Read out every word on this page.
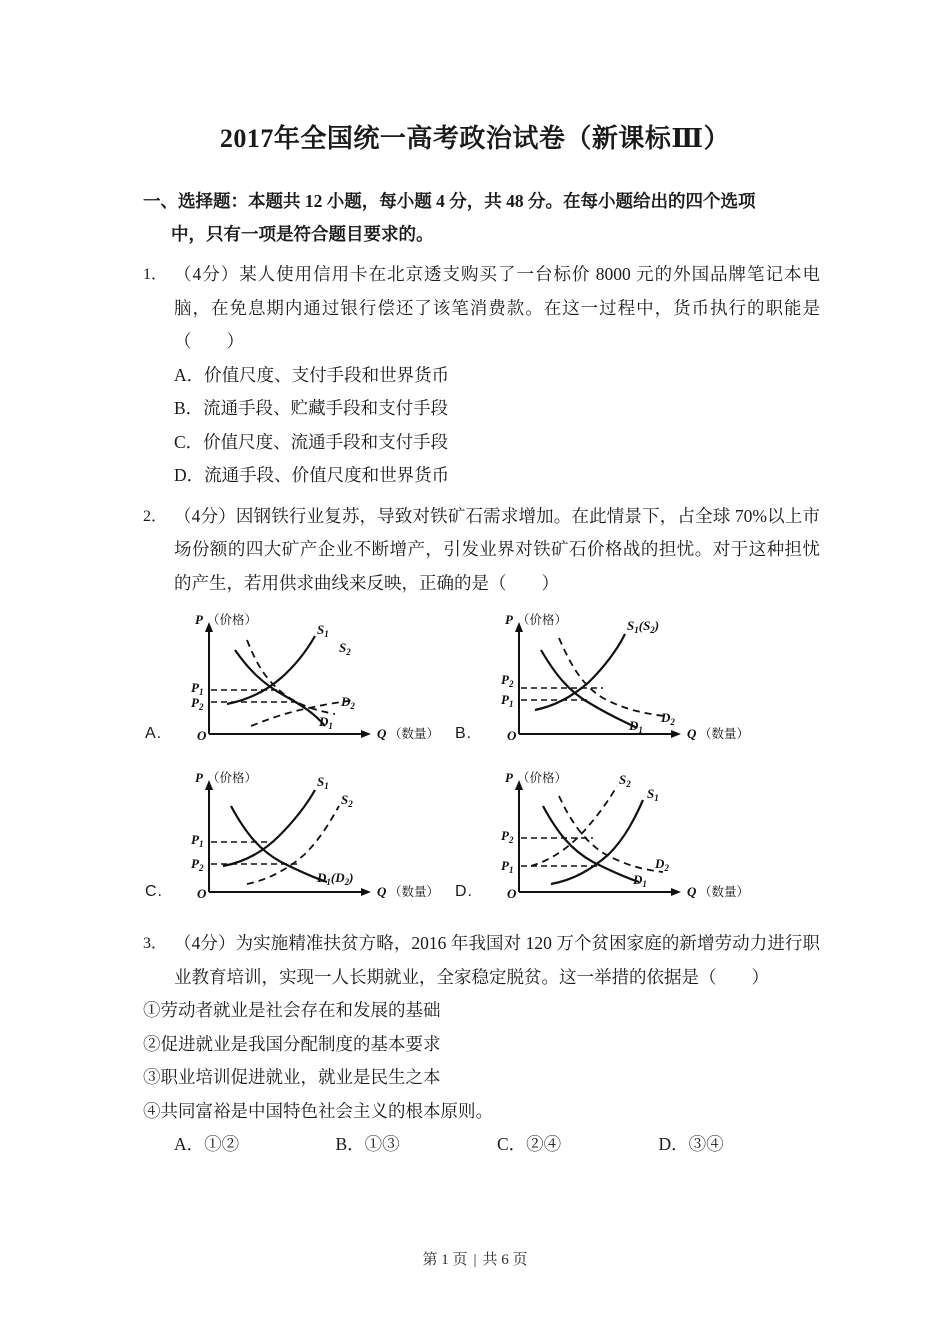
2017年全国统一高考政治试卷（新课标Ⅲ）
一、选择题：本题共 12 小题，每小题 4 分，共 48 分。在每小题给出的四个选项
中，只有一项是符合题目要求的。
1． （4分）某人使用信用卡在北京透支购买了一台标价 8000 元的外国品牌笔记本电脑，在免息期内通过银行偿还了该笔消费款。在这一过程中，货币执行的职能是（　　）
A．价值尺度、支付手段和世界货币
B．流通手段、贮藏手段和支付手段
C．价值尺度、流通手段和支付手段
D．流通手段、价值尺度和世界货币
2． （4分）因钢铁行业复苏，导致对铁矿石需求增加。在此情景下，占全球 70%以上市场份额的四大矿产企业不断增产，引发业界对铁矿石价格战的担忧。对于这种担忧的产生，若用供求曲线来反映，正确的是（　　）
A.
P （价格）
Q （数量）
O
$P_1$
$P_2$
$S_1$
$S_2$
$D_2$
$D_1$	B.
P （价格）
Q （数量）
O
$P_2$
$P_1$
$S_1(S_2)$
$D_2$
$D_1$
C.
P （价格）
Q （数量）
O
$P_1$
$P_2$
$S_1$
$S_2$
$D_1(D_2)$
D.
P （价格）
Q （数量）
O
$P_2$
$P_1$
$S_2$
$S_1$
$D_2$
$D_1$
3． （4分）为实施精准扶贫方略，2016 年我国对 120 万个贫困家庭的新增劳动力进行职业教育培训，实现一人长期就业，全家稳定脱贫。这一举措的依据是（　　）
①劳动者就业是社会存在和发展的基础
②促进就业是我国分配制度的基本要求
③职业培训促进就业，就业是民生之本
④共同富裕是中国特色社会主义的根本原则。
A．①②	B．①③	C．②④	D．③④
第 1 页 | 共 6 页
